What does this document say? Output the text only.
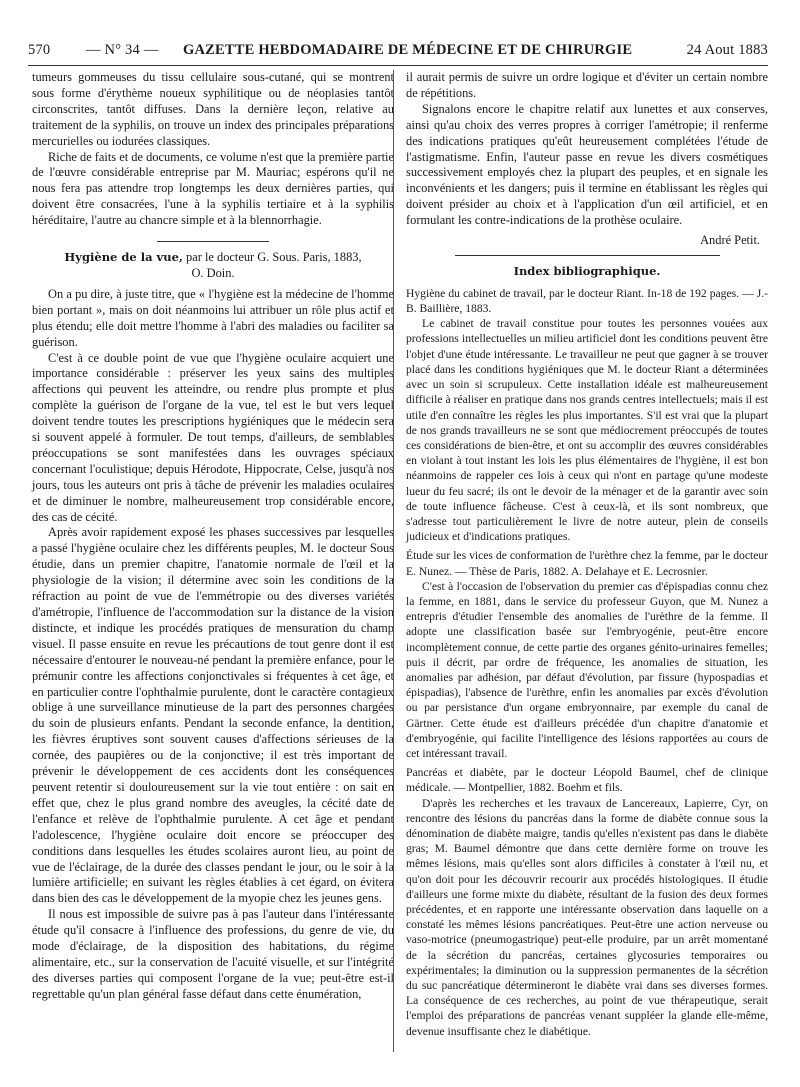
570 — N° 34 — GAZETTE HEBDOMADAIRE DE MÉDECINE ET DE CHIRURGIE	24 Aout 1883

tumeurs gommeuses du tissu cellulaire sous-cutané, qui se montrent sous forme d'érythème noueux syphilitique ou de néoplasies tantôt circonscrites, tantôt diffuses. Dans la dernière leçon, relative au traitement de la syphilis, on trouve un index des principales préparations mercurielles ou iodurées classiques.

Riche de faits et de documents, ce volume n'est que la première partie de l'œuvre considérable entreprise par M. Mauriac; espérons qu'il ne nous fera pas attendre trop longtemps les deux dernières parties, qui doivent être consacrées, l'une à la syphilis tertiaire et à la syphilis héréditaire, l'autre au chancre simple et à la blennorrhagie.

Hygiène de la vue, par le docteur G. Sous. Paris, 1883,
O. Doin.

On a pu dire, à juste titre, que « l'hygiène est la médecine de l'homme bien portant », mais on doit néanmoins lui attribuer un rôle plus actif et plus étendu; elle doit mettre l'homme à l'abri des maladies ou faciliter sa guérison.

C'est à ce double point de vue que l'hygiène oculaire acquiert une importance considérable : préserver les yeux sains des multiples affections qui peuvent les atteindre, ou rendre plus prompte et plus complète la guérison de l'organe de la vue, tel est le but vers lequel doivent tendre toutes les prescriptions hygiéniques que le médecin sera si souvent appelé à formuler. De tout temps, d'ailleurs, de semblables préoccupations se sont manifestées dans les ouvrages spéciaux concernant l'oculistique; depuis Hérodote, Hippocrate, Celse, jusqu'à nos jours, tous les auteurs ont pris à tâche de prévenir les maladies oculaires et de diminuer le nombre, malheureusement trop considérable encore, des cas de cécité.

Après avoir rapidement exposé les phases successives par lesquelles a passé l'hygiène oculaire chez les différents peuples, M. le docteur Sous étudie, dans un premier chapitre, l'anatomie normale de l'œil et la physiologie de la vision; il détermine avec soin les conditions de la réfraction au point de vue de l'emmétropie ou des diverses variétés d'amétropie, l'influence de l'accommodation sur la distance de la vision distincte, et indique les procédés pratiques de mensuration du champ visuel. Il passe ensuite en revue les précautions de tout genre dont il est nécessaire d'entourer le nouveau-né pendant la première enfance, pour le prémunir contre les affections conjonctivales si fréquentes à cet âge, et en particulier contre l'ophthalmie purulente, dont le caractère contagieux oblige à une surveillance minutieuse de la part des personnes chargées du soin de plusieurs enfants. Pendant la seconde enfance, la dentition, les fièvres éruptives sont souvent causes d'affections sérieuses de la cornée, des paupières ou de la conjonctive; il est très important de prévenir le développement de ces accidents dont les conséquences peuvent retentir si douloureusement sur la vie tout entière : on sait en effet que, chez le plus grand nombre des aveugles, la cécité date de l'enfance et relève de l'ophthalmie purulente. A cet âge et pendant l'adolescence, l'hygiène oculaire doit encore se préoccuper des conditions dans lesquelles les études scolaires auront lieu, au point de vue de l'éclairage, de la durée des classes pendant le jour, ou le soir à la lumière artificielle; en suivant les règles établies à cet égard, on évitera dans bien des cas le développement de la myopie chez les jeunes gens.

Il nous est impossible de suivre pas à pas l'auteur dans l'intéressante étude qu'il consacre à l'influence des professions, du genre de vie, du mode d'éclairage, de la disposition des habitations, du régime alimentaire, etc., sur la conservation de l'acuité visuelle, et sur l'intégrité des diverses parties qui composent l'organe de la vue; peut-être est-il regrettable qu'un plan général fasse défaut dans cette énumération,

il aurait permis de suivre un ordre logique et d'éviter un certain nombre de répétitions.

Signalons encore le chapitre relatif aux lunettes et aux conserves, ainsi qu'au choix des verres propres à corriger l'amétropie; il renferme des indications pratiques qu'eût heureusement complétées l'étude de l'astigmatisme. Enfin, l'auteur passe en revue les divers cosmétiques successivement employés chez la plupart des peuples, et en signale les inconvénients et les dangers; puis il termine en établissant les règles qui doivent présider au choix et à l'application d'un œil artificiel, et en formulant les contre-indications de la prothèse oculaire.

André Petit.

Index bibliographique.

Hygiène du cabinet de travail, par le docteur Riant. In-18 de 192 pages. — J.-B. Baillière, 1883.

Le cabinet de travail constitue pour toutes les personnes vouées aux professions intellectuelles un milieu artificiel dont les conditions peuvent être l'objet d'une étude intéressante. Le travailleur ne peut que gagner à se trouver placé dans les conditions hygiéniques que M. le docteur Riant a déterminées avec un soin si scrupuleux. Cette installation idéale est malheureusement difficile à réaliser en pratique dans nos grands centres intellectuels; mais il est utile d'en connaître les règles les plus importantes. S'il est vrai que la plupart de nos grands travailleurs ne se sont que médiocrement préoccupés de toutes ces considérations de bien-être, et ont su accomplir des œuvres considérables en violant à tout instant les lois les plus élémentaires de l'hygiène, il est bon néanmoins de rappeler ces lois à ceux qui n'ont en partage qu'une modeste lueur du feu sacré; ils ont le devoir de la ménager et de la garantir avec soin de toute influence fâcheuse. C'est à ceux-là, et ils sont nombreux, que s'adresse tout particulièrement le livre de notre auteur, plein de conseils judicieux et d'indications pratiques.

Étude sur les vices de conformation de l'urèthre chez la femme, par le docteur E. Nunez. — Thèse de Paris, 1882. A. Delahaye et E. Lecrosnier.

C'est à l'occasion de l'observation du premier cas d'épispadias connu chez la femme, en 1881, dans le service du professeur Guyon, que M. Nunez a entrepris d'étudier l'ensemble des anomalies de l'urèthre de la femme. Il adopte une classification basée sur l'embryogénie, peut-être encore incomplètement connue, de cette partie des organes génito-urinaires femelles; puis il décrit, par ordre de fréquence, les anomalies de situation, les anomalies par adhésion, par défaut d'évolution, par fissure (hypospadias et épispadias), l'absence de l'urèthre, enfin les anomalies par excès d'évolution ou par persistance d'un organe embryonnaire, par exemple du canal de Gärtner. Cette étude est d'ailleurs précédée d'un chapitre d'anatomie et d'embryogénie, qui facilite l'intelligence des lésions rapportées au cours de cet intéressant travail.

Pancréas et diabète, par le docteur Léopold Baumel, chef de clinique médicale. — Montpellier, 1882. Boehm et fils.

D'après les recherches et les travaux de Lancereaux, Lapierre, Cyr, on rencontre des lésions du pancréas dans la forme de diabète connue sous la dénomination de diabète maigre, tandis qu'elles n'existent pas dans le diabète gras; M. Baumel démontre que dans cette dernière forme on trouve les mêmes lésions, mais qu'elles sont alors difficiles à constater à l'œil nu, et qu'on doit pour les découvrir recourir aux procédés histologiques. Il étudie d'ailleurs une forme mixte du diabète, résultant de la fusion des deux formes précédentes, et en rapporte une intéressante observation dans laquelle on a constaté les mêmes lésions pancréatiques. Peut-être une action nerveuse ou vaso-motrice (pneumogastrique) peut-elle produire, par un arrêt momentané de la sécrétion du pancréas, certaines glycosuries temporaires ou expérimentales; la diminution ou la suppression permanentes de la sécrétion du suc pancréatique détermineront le diabète vrai dans ses diverses formes. La conséquence de ces recherches, au point de vue thérapeutique, serait l'emploi des préparations de pancréas venant suppléer la glande elle-même, devenue insuffisante chez le diabétique.
